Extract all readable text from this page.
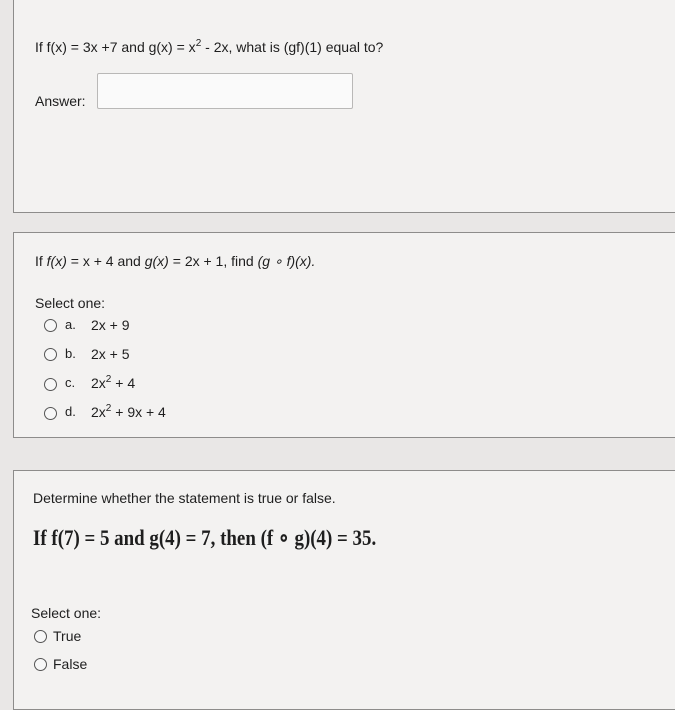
If f(x) = 3x +7 and $g(x) = x^2 - 2x$, what is (gf)(1) equal to?
Answer:
If f(x) = x + 4 and g(x) = 2x + 1, find (g ∘ f)(x).
Select one:
a. 2x + 9
b. 2x + 5
c. $2x^2 + 4$
d. $2x^2 + 9x + 4$
Determine whether the statement is true or false.
If f(7) = 5 and g(4) = 7, then (f ∘ g)(4) = 35.
Select one:
True
False
